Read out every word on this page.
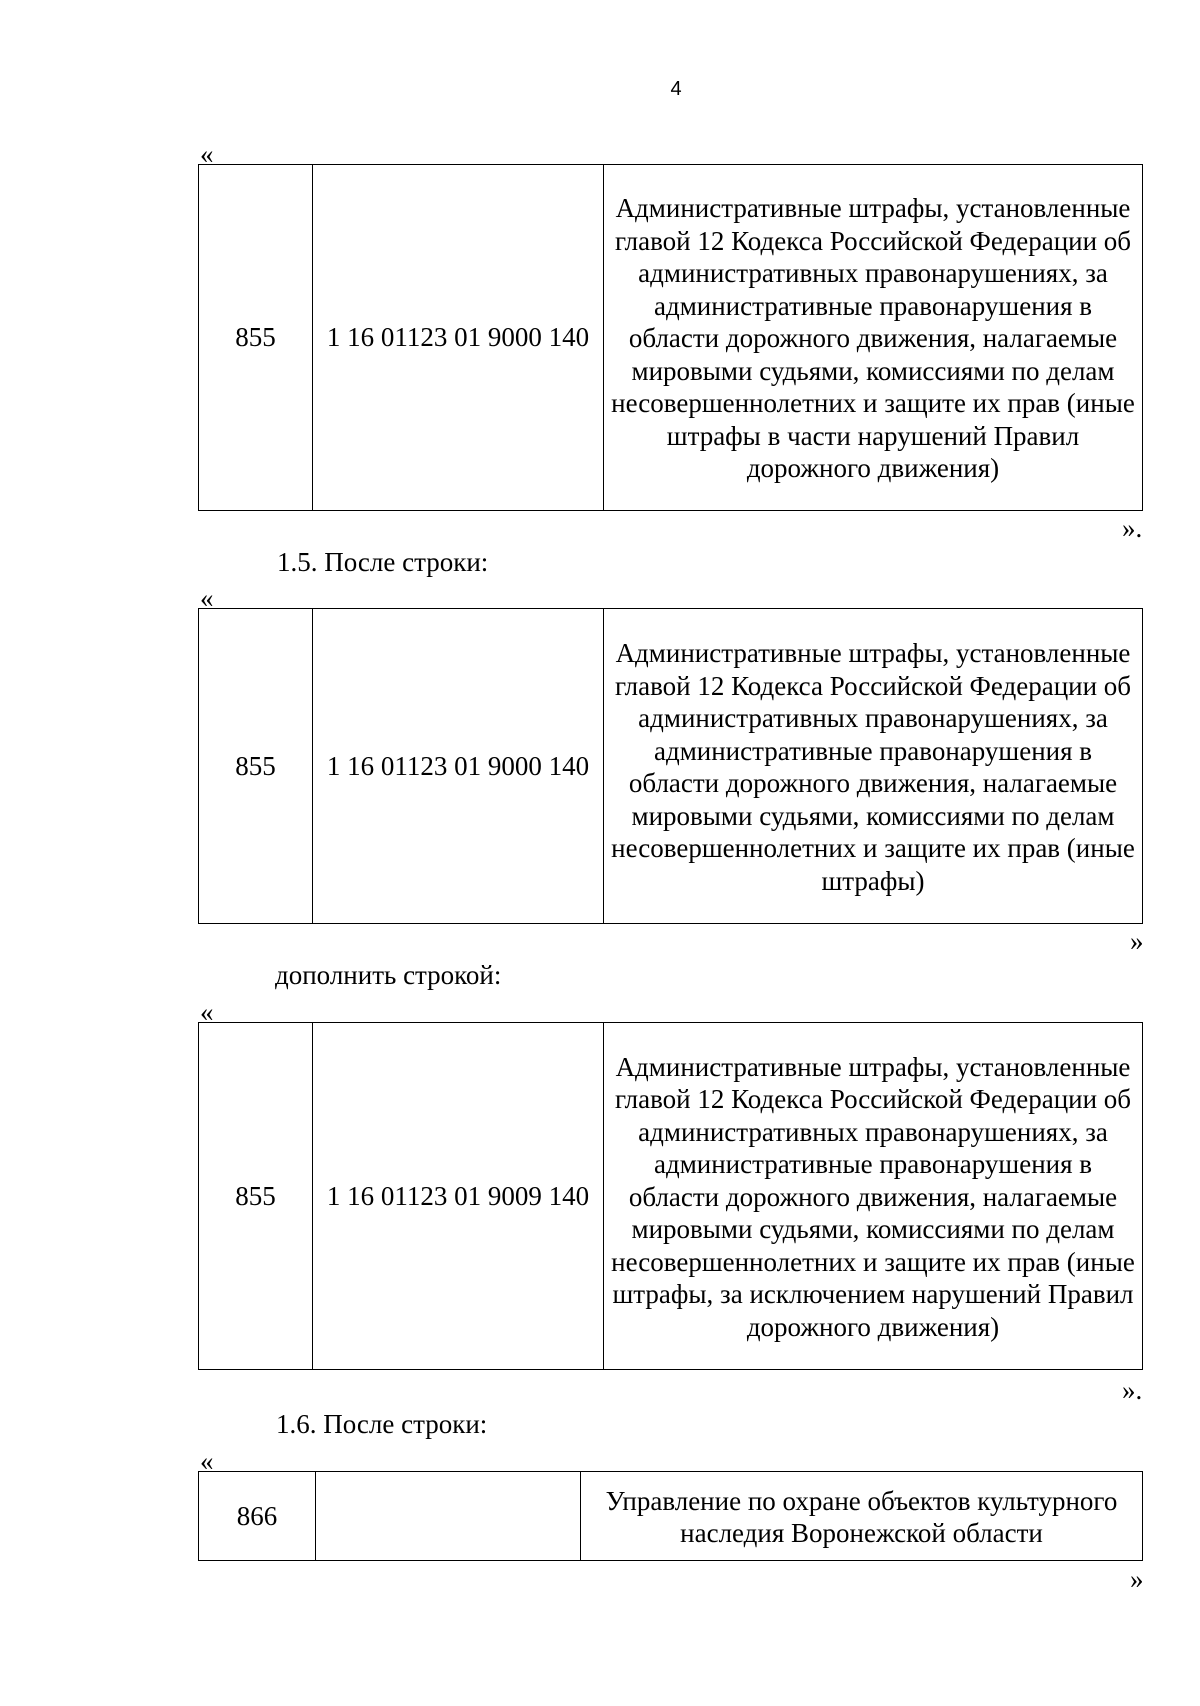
4
«
855	1 16 01123 01 9000 140	Административные штрафы, установленные главой 12 Кодекса Российской Федерации об административных правонарушениях, за административные правонарушения в области дорожного движения, налагаемые мировыми судьями, комиссиями по делам несовершеннолетних и защите их прав (иные штрафы в части нарушений Правил дорожного движения)
».
1.5. После строки:
«
855	1 16 01123 01 9000 140	Административные штрафы, установленные главой 12 Кодекса Российской Федерации об административных правонарушениях, за административные правонарушения в области дорожного движения, налагаемые мировыми судьями, комиссиями по делам несовершеннолетних и защите их прав (иные штрафы)
»
дополнить строкой:
«
855	1 16 01123 01 9009 140	Административные штрафы, установленные главой 12 Кодекса Российской Федерации об административных правонарушениях, за административные правонарушения в области дорожного движения, налагаемые мировыми судьями, комиссиями по делам несовершеннолетних и защите их прав (иные штрафы, за исключением нарушений Правил дорожного движения)
».
1.6. После строки:
«
866		Управление по охране объектов культурного наследия Воронежской области
»
